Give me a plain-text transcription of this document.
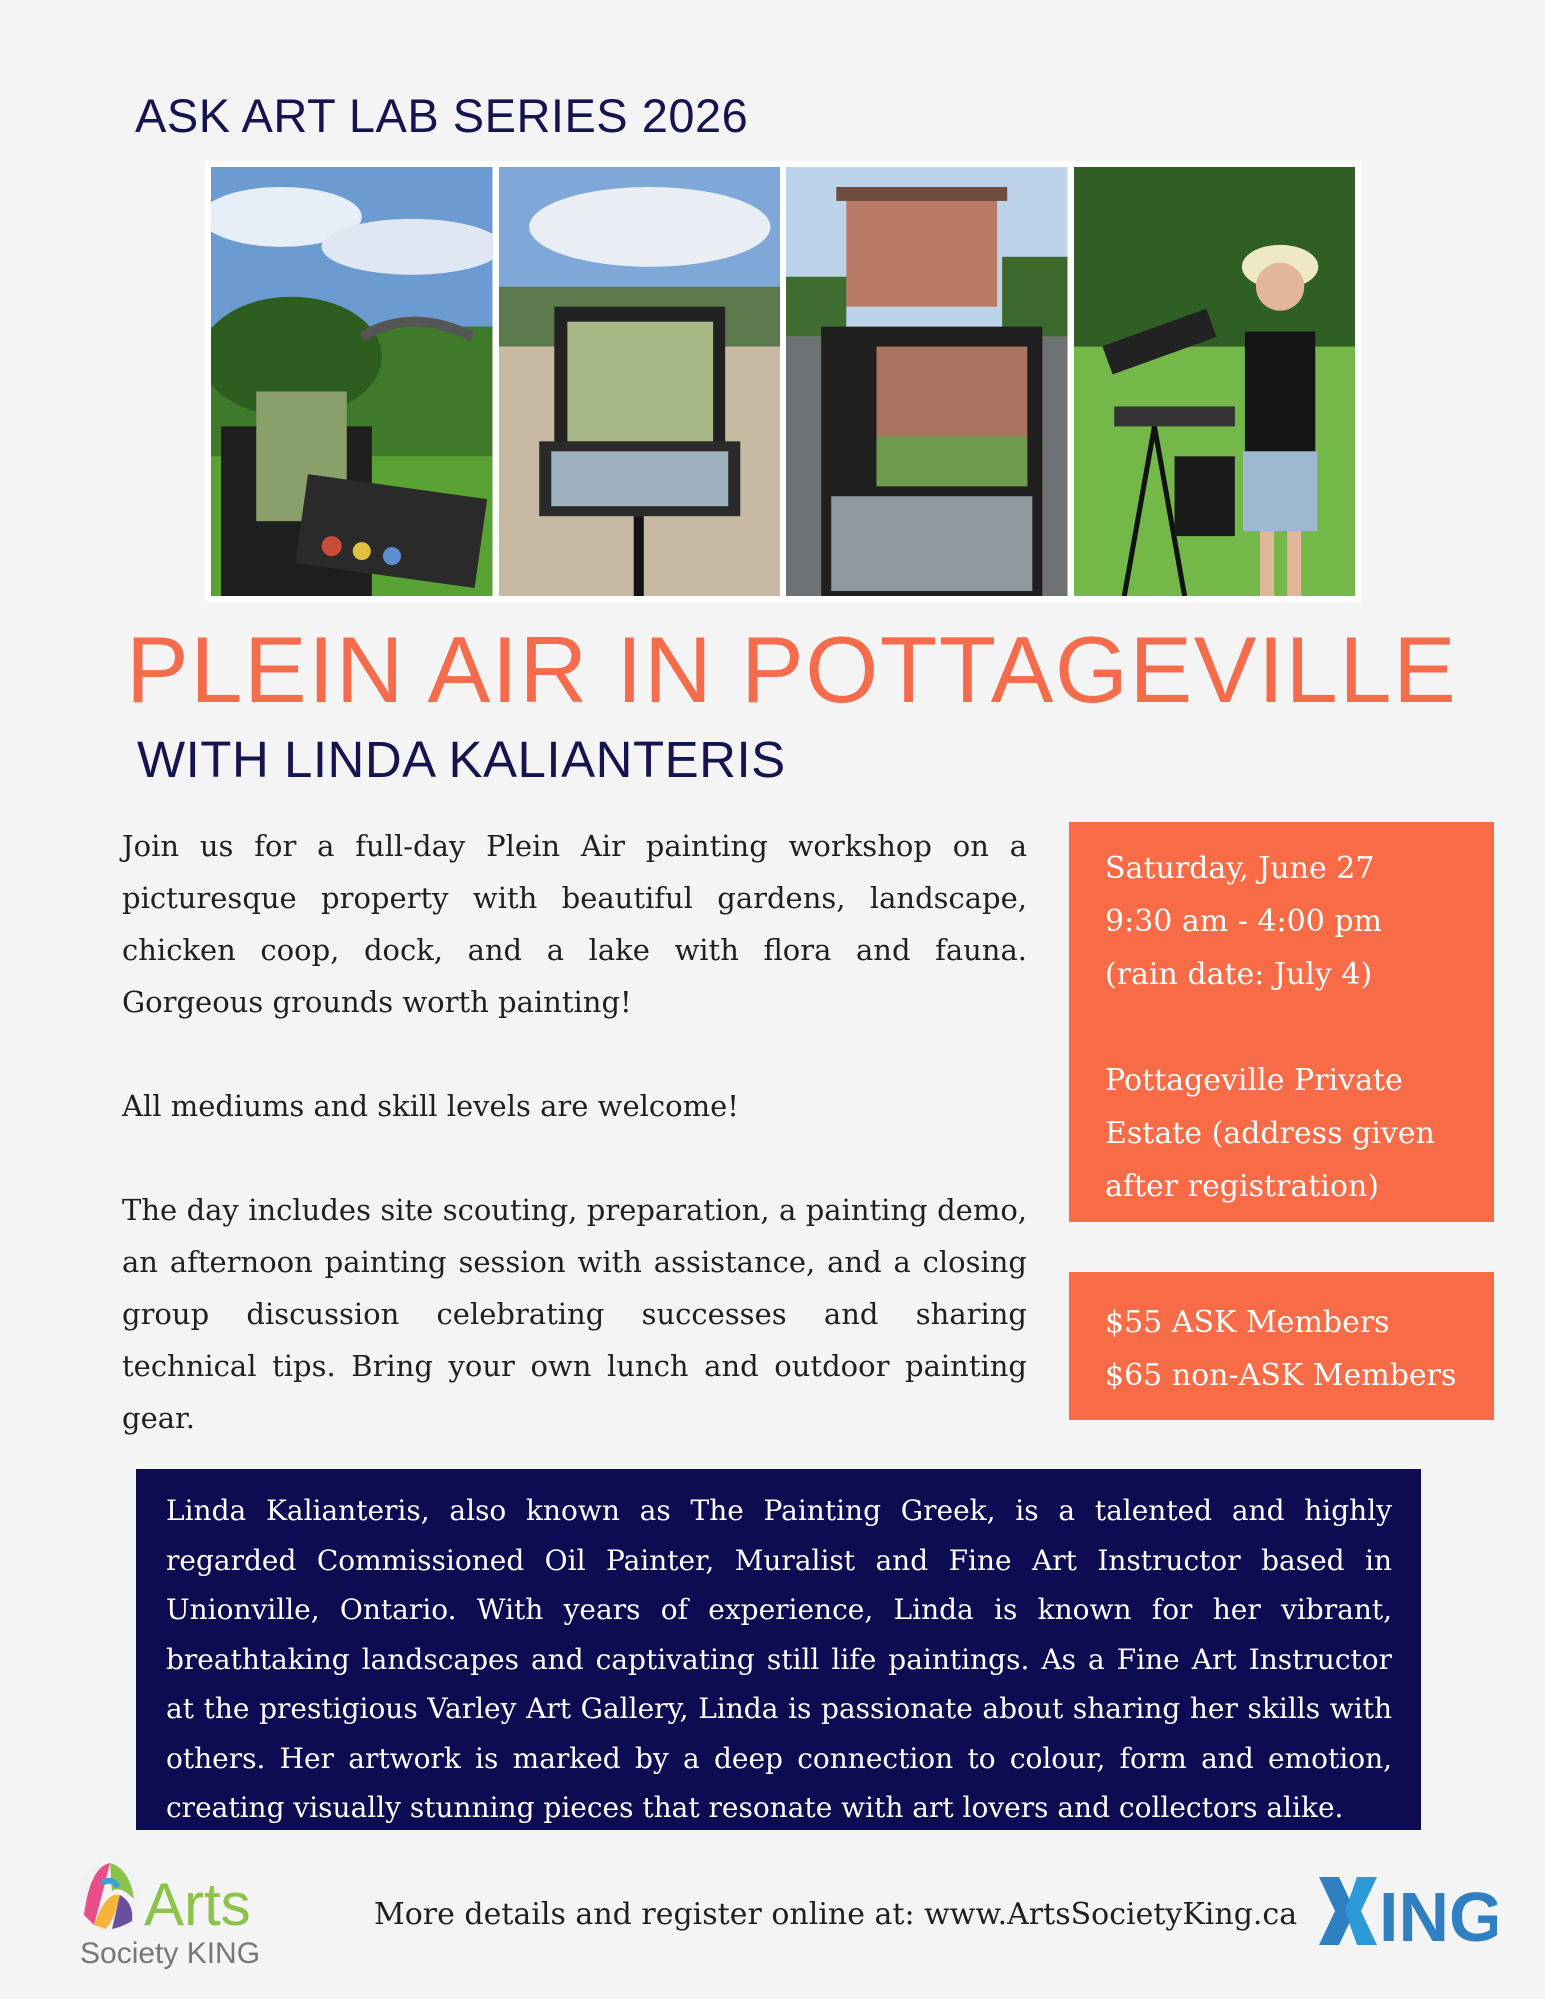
ASK ART LAB SERIES 2026
PLEIN AIR IN POTTAGEVILLE
WITH LINDA KALIANTERIS

Join us for a full-day Plein Air painting workshop on a picturesque property with beautiful gardens, landscape, chicken coop, dock, and a lake with flora and fauna. Gorgeous grounds worth painting!

All mediums and skill levels are welcome!

The day includes site scouting, preparation, a painting demo, an afternoon painting session with assistance, and a closing group discussion celebrating successes and sharing technical tips. Bring your own lunch and outdoor painting gear.

Saturday, June 27
9:30 am - 4:00 pm
(rain date: July 4)
Pottageville Private
Estate (address given
after registration)
$55 ASK Members
$65 non-ASK Members
Linda Kalianteris, also known as The Painting Greek, is a talented and highly regarded Commissioned Oil Painter, Muralist and Fine Art Instructor based in Unionville, Ontario. With years of experience, Linda is known for her vibrant, breathtaking landscapes and captivating still life paintings. As a Fine Art Instructor at the prestigious Varley Art Gallery, Linda is passionate about sharing her skills with others. Her artwork is marked by a deep connection to colour, form and emotion, creating visually stunning pieces that resonate with art lovers and collectors alike.
Arts
Society KING
More details and register online at: www.ArtsSocietyKing.ca ING
